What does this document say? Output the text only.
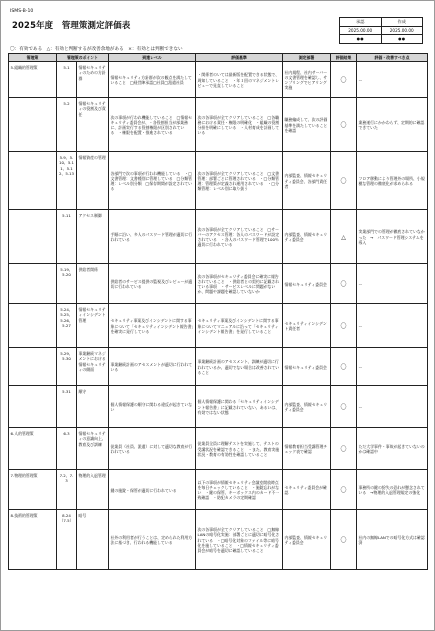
ISMS-B-10
2025年度　管理策測定評価表	承認	作成
2025.00.00	2025.00.00
●●	●●
〇：有効である △：有効と判断するが改善余地がある ×：有効とは判断できない
管理策	管理策のポイント		到達レベル	評価基準	測定部署	評価結果	評価・改善すべき点
5.組織的管理策	5.1	情報セキュリティのための方針群	情報セキュリティ方針群が次の観点を満たしていること　□経営陣承認□社員□派遣社員	・関係者のいては最新版を配置できる状態で、周知していること　・年１回のマネジメントレビューで見直していること	社内規程、社内サーバーの文書管理を確認し、サンプリングでヒアリング実施	〇	ー
	5.2	情報セキュリティの役割及び責任	次の事項が行われ機能していること　□情報セキュリティ委員会が、・各役割担当が部業務に、計画実行する役割権限が区別されている　・権限を配置・推進されている	次の各事項が全てクリアしていること　□各職務における責任・権限の明確化　・組織の役割分担を明確にしている　・人材育成を計画している	職務編成して、次の評価基準を満たしていることを確認	〇	業務遂行にかかわらず、定期的に確認できていた
	5.9、5.10、5.11、5.12、5.13	情報資産の管理	各部門で次の事項が行われ機能している　・□文書管理：文書種別に管理している　□分類管理：レベル別分類　□保存期間が設定されている	次の各事項が全てクリアしていること　□文書管理：部署ごとに管理されている　・□分類管理：管理策が定義され運用されている　・□分類管理：レベル別に取り扱う	内部監査、情報セキュリティ委員会、各部門責任者	〇	フロア移動により管理外の場所、小規模な管理の徹底化が求められる
	5.11	アクセス制御	手順に沿い、多人のパスワード管理が適切に行われている	次の各事項が全てクリアしていること　□サーバーのアクセス管理：各人のパスワードが設定されている　・各人のパスワード管理で100％適切に行われている	内部監査、情報セキュリティ委員会	△	実業部門での管理が徹底されていなかった　→　パスワード管理システムを導入
	5.19、5.20	供給者関係	供給者のサービス提供の監視及びレビューが適切に行われている	次の各事項がセキュリティ委員会に確実に報告されていること　・供給者との契約に記載されている事項　・サービスレベルに問題がないか、問題や課題を確認していないか	情報セキュリティ委員会	〇	ー
	5.24、5.25、5.26、5.27	情報セキュリティインシデント管理	セキュリティ事案及びインシデントに関する事象について「セキュリティインシデント報告書」を確実に発行している	セキュリティ事案及びインシデントに関する事象についてマニュアルに沿って「セキュリティインシデント報告書」を発行していること	セキュリティインシデント責任者	〇	ー
	5.29、5.30	事業継続マネジメントにおける情報セキュリティの側面	事業継続計画のアセスメントが適切に行われている	事業継続計画のアセスメント、訓練が適切に行われているか、適切でない場合は改善されていること	情報セキュリティ委員会	〇	ー
	5.31	順守	個人情報保護の順守に関わる違反が起きていない	個人情報保護に関わる「セキュリティインシデント報告書」に記載されていない、あるいは、有効ではない状態	内部監査、情報セキュリティ委員会	〇	ー
6.人的管理策	6.3	情報セキュリティの意識向上、教育及び訓練	従業員（社員、派遣）に対して適切な教育が行われている	従業員全員に理解テストを実施して、テストの受講状況を確認できること　・また、教育実施状況・教育の有効性を確認していること	情報教育担当受講管理チェック表で確認	〇	ただ大学事件・事故が起きていないのかは確認中
7.物理的管理策	7.2、7.3	物理的入退管理	鍵の施錠・保管が適切に行われている	以下の事項が情報セキュリティ会議室開放時点を毎日チェックしていること　・施錠忘れがない　・鍵の保管、キーボックス内のカード不一致確認　・防犯カメラの定期確認	セキュリティ委員会が確認	〇	事務所の鍵の紛失の恐れが懸念されている　→物理的入退管理規定の強化
8.技術的管理策	8.24（7.5）	暗号	社外の利用者が行うことは、定められた利用方法に基づき、行われる機能している	次の各事項が全てクリアしていること　□無線LANの暗号化実施：部署ごとに適切に暗号化されている　・□暗号化対象のファイル等に暗号化を施していること　・□情報セキュリティ委員会が暗号を適切に確認していること	内部監査、情報セキュリティ委員会	〇	社内の無線LANでの暗号化方式は確認済
